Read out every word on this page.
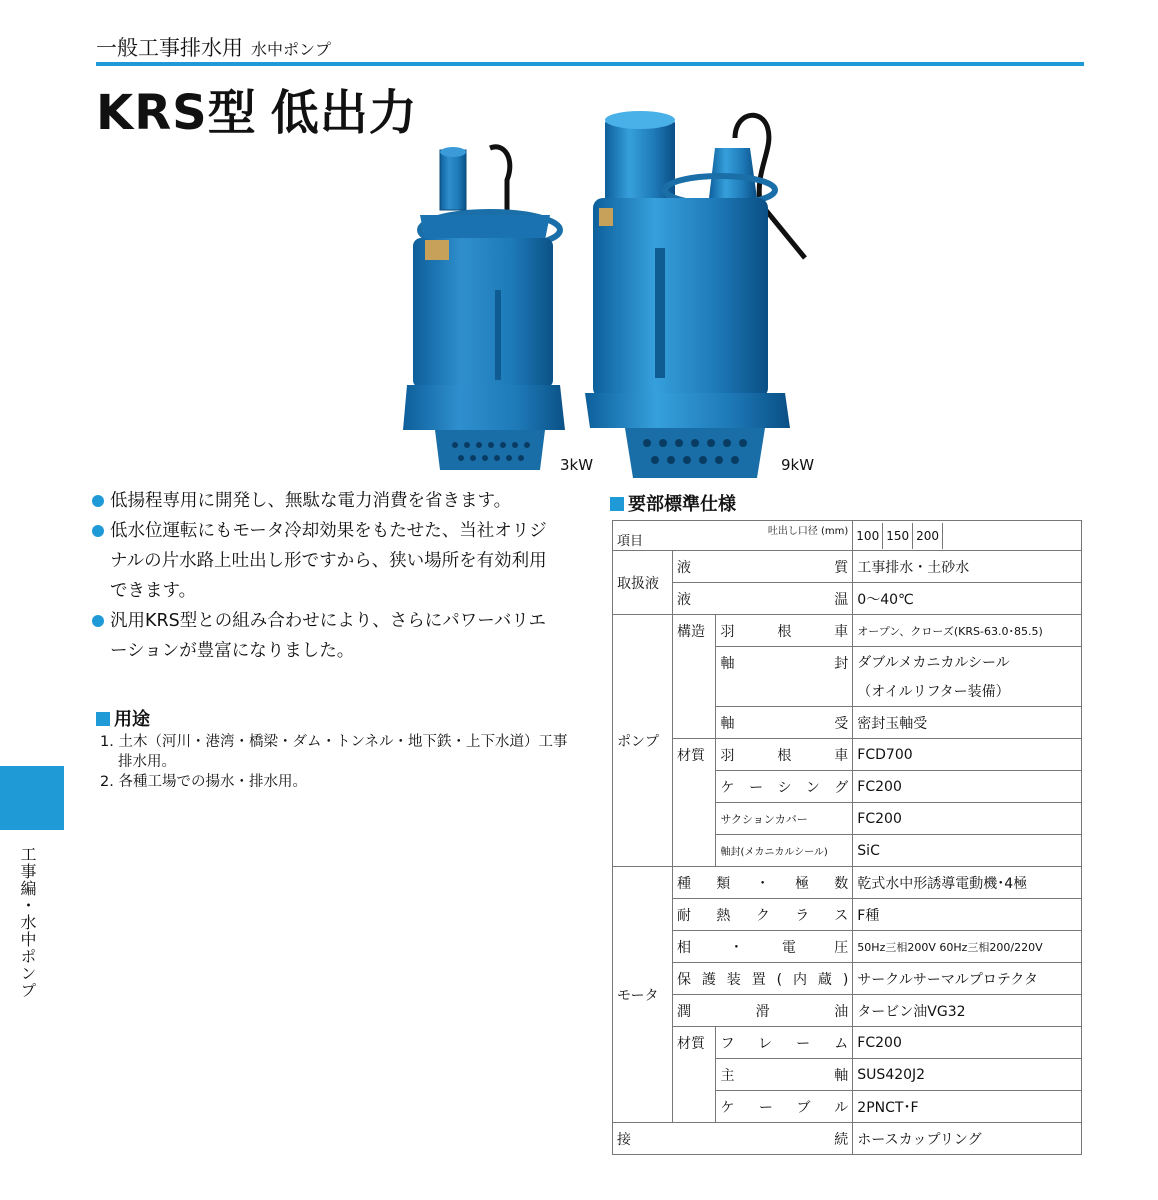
一般工事排水用 水中ポンプ
KRS型 低出力
3kW	9kW
低揚程専用に開発し、無駄な電力消費を省きます。
低水位運転にもモータ冷却効果をもたせた、当社オリジナルの片水路上吐出し形ですから、狭い場所を有効利用できます。
汎用KRS型との組み合わせにより、さらにパワーバリエーションが豊富になりました。
用途
1. 土木（河川・港湾・橋梁・ダム・トンネル・地下鉄・上下水道）工事排水用。
2. 各種工場での揚水・排水用。
工事編・水中ポンプ
要部標準仕様
項目
吐出し口径 (mm)			100 150 200
取扱液	液質		工事排水・土砂水
	液温		0～40℃
ポンプ	構造	羽根車	オープン、クローズ(KRS-63.0･85.5)
		軸封	ダブルメカニカルシール
			（オイルリフター装備）
		軸受	密封玉軸受
	材質	羽根車	FCD700
		ケーシング	FC200
		サクションカバー	FC200
		軸封(メカニカルシール)	SiC
モータ	種類・極数		乾式水中形誘導電動機･4極
	耐熱クラス		F種
	相・電圧		50Hz三相200V 60Hz三相200/220V
	保護装置(内蔵)		サークルサーマルプロテクタ
	潤滑油		タービン油VG32
	材質	フレーム	FC200
		主軸	SUS420J2
		ケーブル	2PNCT･F
接続			ホースカップリング
